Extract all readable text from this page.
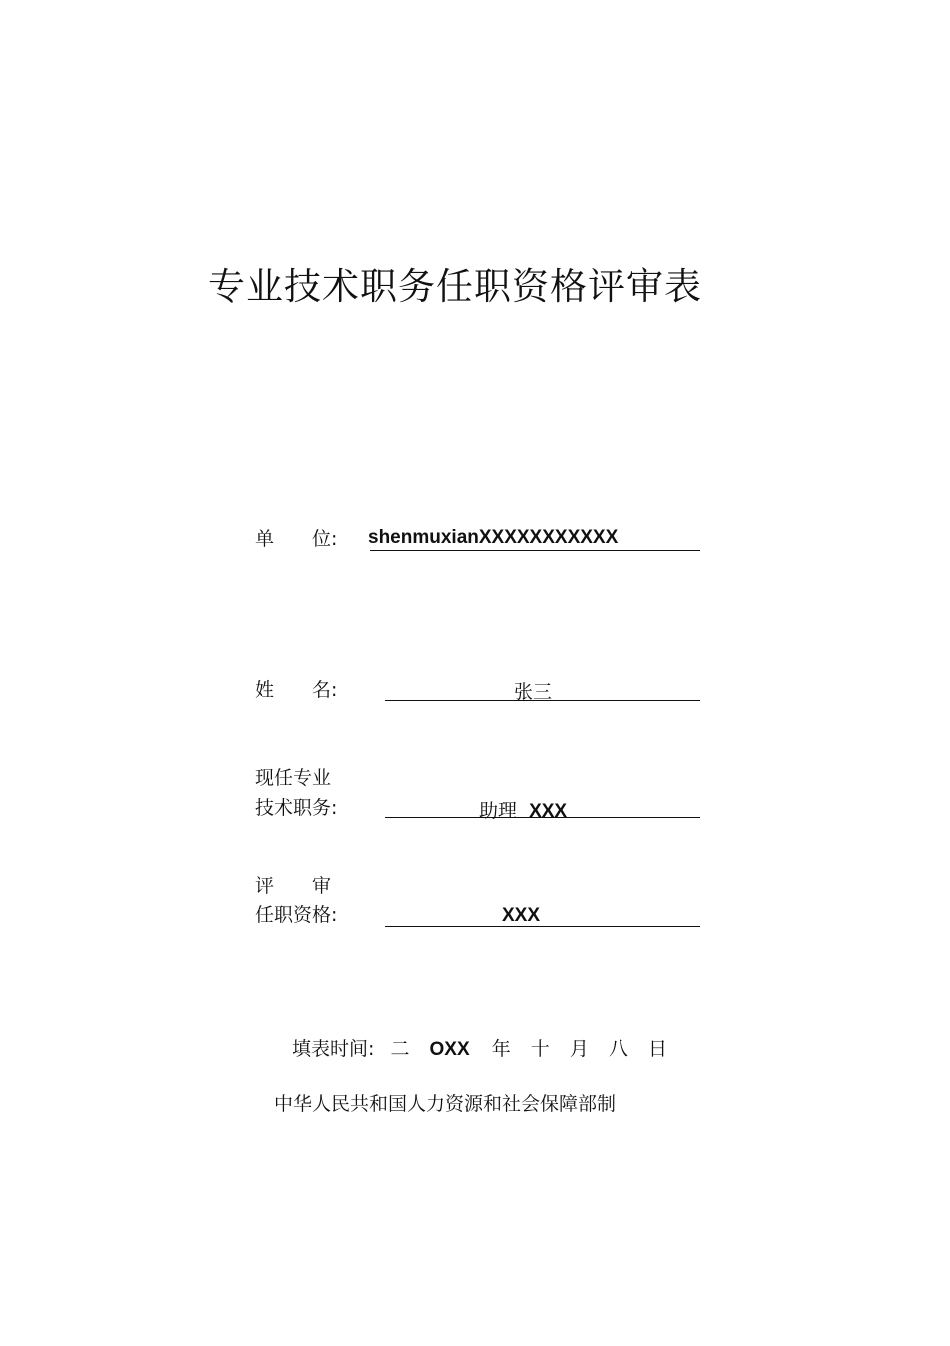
专业技术职务任职资格评审表
单　　位: shenmuxianXXXXXXXXXXX
姓　　名:	张三
现任专业
技术职务:	助理 XXX
评　　审
任职资格:	XXX
填表时间: 二 OXX 年 十 月 八 日
中华人民共和国人力资源和社会保障部制
